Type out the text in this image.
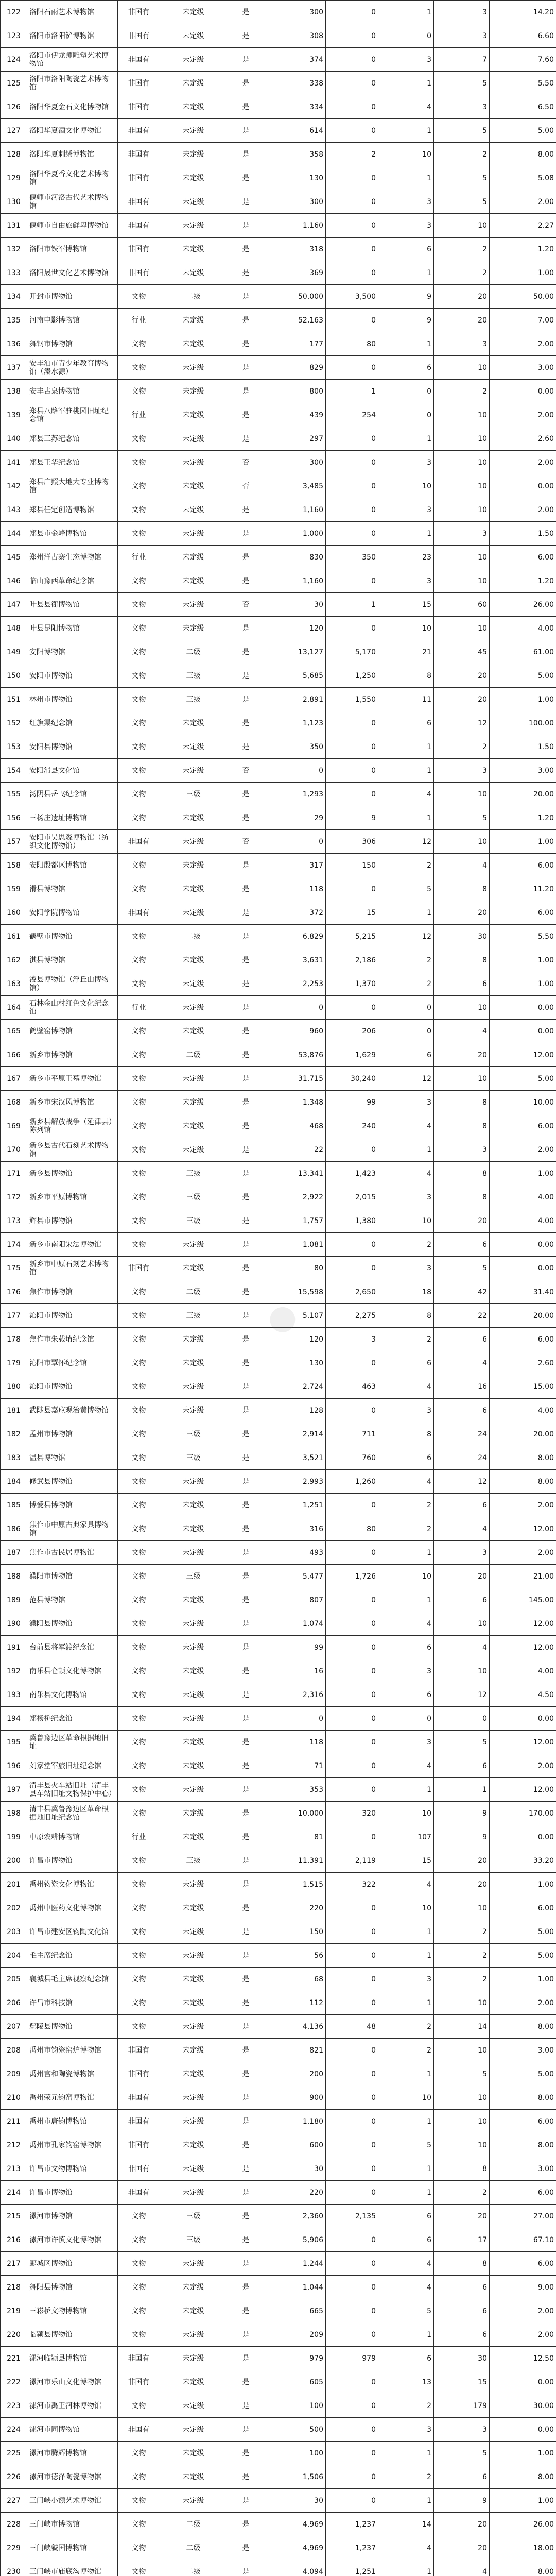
122	洛阳石雨艺术博物馆	非国有	未定级	是	300	0	1	3	14.20
123	洛阳市洛阳铲博物馆	非国有	未定级	是	308	0	0	3	6.60
124	洛阳市伊龙师雕塑艺术博物馆	非国有	未定级	是	374	0	3	7	7.60
125	洛阳市洛阳陶瓷艺术博物馆	非国有	未定级	是	338	0	1	5	5.50
126	洛阳华夏金石文化博物馆	非国有	未定级	是	334	0	4	3	6.50
127	洛阳华夏酒文化博物馆	非国有	未定级	是	614	0	1	5	5.00
128	洛阳华夏刺绣博物馆	非国有	未定级	是	358	2	10	2	8.00
129	洛阳华夏香文化艺术博物馆	非国有	未定级	是	130	0	1	5	5.08
130	偃师市河洛古代艺术博物馆	非国有	未定级	是	300	0	3	5	2.00
131	偃师市自由旅鲜卑博物馆	非国有	未定级	是	1,160	0	3	10	2.27
132	洛阳市铁军博物馆	非国有	未定级	是	318	0	6	2	1.20
133	洛阳晟世文化艺术博物馆	非国有	未定级	是	369	0	1	2	1.00
134	开封市博物馆	文物	二级	是	50,000	3,500	9	20	50.00
135	河南电影博物馆	行业	未定级	是	52,163	0	9	20	7.00
136	舞钢市博物馆	文物	未定级	是	177	80	1	3	2.00
137	安丰泊市青少年教育博物馆（溱水源）	文物	未定级	是	829	0	6	10	3.00
138	安丰古泉博物馆	文物	未定级	是	800	1	0	2	0.00
139	郑县八路军驻桃园旧址纪念馆	行业	未定级	是	439	254	0	10	2.00
140	郑县三苏纪念馆	文物	未定级	是	297	0	1	10	2.60
141	郑县王华纪念馆	文物	未定级	否	300	0	3	10	2.00
142	郑县广照大地大专业博物馆	文物	未定级	否	3,485	0	10	10	0.00
143	郑县任定创造博物馆	文物	未定级	是	1,160	0	3	10	2.00
144	郑县市金峰博物馆	文物	未定级	是	1,000	0	1	3	1.50
145	郑州洋古寨生态博物馆	行业	未定级	是	830	350	23	10	6.00
146	临山豫西革命纪念馆	文物	未定级	是	1,160	0	3	10	1.20
147	叶县县衙博物馆	文物	未定级	否	30	1	15	60	26.00
148	叶县昆阳博物馆	文物	未定级	是	120	0	10	10	4.00
149	安阳博物馆	文物	二级	是	13,127	5,170	21	45	61.00
150	安阳市博物馆	文物	三级	是	5,685	1,250	8	20	5.00
151	林州市博物馆	文物	三级	是	2,891	1,550	11	20	1.00
152	红旗渠纪念馆	文物	未定级	是	1,123	0	6	12	100.00
153	安阳县博物馆	文物	未定级	是	350	0	1	2	1.50
154	安阳滑县文化馆	文物	未定级	否	0	0	1	3	3.00
155	汤阴县岳飞纪念馆	文物	三级	是	1,293	0	4	10	20.00
156	三杨庄遗址博物馆	文物	未定级	是	29	9	1	5	1.20
157	安阳市吴思淼博物馆（纺织文化博物馆）	非国有	未定级	否	0	306	12	10	1.00
158	安阳殷都区博物馆	文物	未定级	是	317	150	2	4	6.00
159	滑县博物馆	文物	未定级	是	118	0	5	8	11.20
160	安阳学院博物馆	非国有	未定级	是	372	15	1	20	6.00
161	鹤壁市博物馆	文物	二级	是	6,829	5,215	12	30	5.50
162	淇县博物馆	文物	未定级	是	3,631	2,186	2	8	1.00
163	浚县博物馆（浮丘山博物馆）	文物	未定级	是	2,253	1,370	2	6	1.00
164	石林金山村红色文化纪念馆	行业	未定级	是	0	0	0	10	0.00
165	鹤壁窑博物馆	文物	未定级	是	960	206	0	4	0.00
166	新乡市博物馆	文物	二级	是	53,876	1,629	6	20	12.00
167	新乡市平原王墓博物馆	文物	未定级	是	31,715	30,240	12	10	5.00
168	新乡市宋汉风博物馆	文物	未定级	是	1,348	99	3	8	10.00
169	新乡县解放战争（延津县）陈列馆	文物	未定级	是	468	240	4	8	6.00
170	新乡县古代石刻艺术博物馆	文物	未定级	是	22	0	1	3	2.00
171	新乡县博物馆	文物	三级	是	13,341	1,423	4	8	1.00
172	新乡市平原博物馆	文物	三级	是	2,922	2,015	3	8	4.00
173	辉县市博物馆	文物	三级	是	1,757	1,380	10	20	4.00
174	新乡市南阳宋法博物馆	文物	未定级	是	1,081	0	2	6	0.00
175	新乡市中原石刻艺术博物馆	非国有	未定级	是	80	0	3	5	0.00
176	焦作市博物馆	文物	二级	是	15,598	2,650	18	42	31.40
177	沁阳市博物馆	文物	三级	是	5,107	2,275	8	22	20.00
178	焦作市朱载堉纪念馆	文物	未定级	是	120	3	2	6	6.00
179	沁阳市覃怀纪念馆	文物	未定级	是	130	0	6	4	2.60
180	沁阳市博物馆	文物	未定级	是	2,724	463	4	16	15.00
181	武陟县嘉应观治黄博物馆	文物	未定级	是	128	0	3	6	4.00
182	孟州市博物馆	文物	三级	是	2,914	711	8	24	20.00
183	温县博物馆	文物	三级	是	3,521	760	6	24	8.00
184	修武县博物馆	文物	未定级	是	2,993	1,260	4	12	8.00
185	博爱县博物馆	文物	未定级	是	1,251	0	2	6	2.00
186	焦作市中原古典家具博物馆	文物	未定级	是	316	80	2	4	12.00
187	焦作市古民居博物馆	文物	未定级	是	493	0	1	3	2.00
188	濮阳市博物馆	文物	三级	是	5,477	1,726	10	20	21.00
189	范县博物馆	文物	未定级	是	807	0	1	6	145.00
190	濮阳县博物馆	文物	未定级	是	1,074	0	4	10	12.00
191	台前县将军渡纪念馆	文物	未定级	是	99	0	6	4	12.00
192	南乐县仓颉文化博物馆	文物	未定级	是	16	0	3	10	4.00
193	南乐县文化博物馆	文物	未定级	是	2,316	0	6	12	4.50
194	郑杨桥纪念馆	文物	未定级	是	0	0	0	0	0.00
195	冀鲁豫边区革命根据地旧址	文物	未定级	是	118	0	3	5	12.00
196	刘家堂军旅旧址纪念馆	文物	未定级	是	71	0	4	6	2.00
197	清丰县火车站旧址（清丰县车站旧址文物保护中心）	文物	未定级	是	353	0	1	1	12.00
198	清丰县冀鲁豫边区革命根据地旧址纪念馆	文物	未定级	是	10,000	320	10	9	170.00
199	中原农耕博物馆	行业	未定级	是	81	0	107	9	0.00
200	许昌市博物馆	文物	三级	是	11,391	2,119	15	20	33.20
201	禹州钧瓷文化博物馆	文物	未定级	是	1,515	322	4	20	1.00
202	禹州中医药文化博物馆	文物	未定级	是	220	0	10	10	6.00
203	许昌市建安区钧陶文化馆	文物	未定级	是	150	0	1	2	5.00
204	毛主席纪念馆	文物	未定级	是	56	0	1	2	5.00
205	襄城县毛主席视察纪念馆	文物	未定级	是	68	0	3	2	1.00
206	许昌市科技馆	文物	未定级	是	112	0	1	10	2.00
207	鄢陵县博物馆	文物	未定级	是	4,136	48	2	14	8.00
208	禹州市钧瓷窑炉博物馆	非国有	未定级	是	821	0	2	10	3.00
209	禹州宫和陶瓷博物馆	非国有	未定级	是	200	0	1	5	5.00
210	禹州荣元钧窑博物馆	非国有	未定级	是	900	0	10	10	8.00
211	禹州市唐钧博物馆	非国有	未定级	是	1,180	0	1	10	6.00
212	禹州市孔家钧窑博物馆	非国有	未定级	是	600	0	5	10	8.00
213	许昌市文物博物馆	非国有	未定级	是	30	0	1	8	3.00
214	许昌市博物馆	非国有	未定级	是	220	0	1	2	6.00
215	漯河市博物馆	文物	三级	是	2,360	2,135	6	20	27.00
216	漯河市许慎文化博物馆	文物	三级	是	5,906	0	6	17	67.10
217	郾城区博物馆	文物	未定级	是	1,244	0	4	8	6.00
218	舞阳县博物馆	文物	未定级	是	1,044	0	4	6	9.00
219	三崧桥文物博物馆	文物	未定级	是	665	0	5	6	2.00
220	临颍县博物馆	文物	未定级	是	209	0	1	6	2.00
221	漯河临颍县博物馆	非国有	未定级	是	979	979	6	30	12.50
222	漯河市乐山文化博物馆	非国有	未定级	是	605	0	13	15	0.00
223	漯河市禹王河林博物馆	文物	未定级	是	100	0	2	179	30.00
224	漯河市同博物馆	非国有	未定级	是	500	0	3	3	0.00
225	漯河市腾辉博物馆	文物	未定级	是	100	0	1	5	1.00
226	漯河市德泽陶瓷博物馆	文物	未定级	是	1,506	0	2	6	8.00
227	三门峡小额艺术博物馆	文物	未定级	是	30	0	1	9	1.00
228	三门峡市博物馆	文物	二级	是	4,969	1,237	14	20	26.00
229	三门峡虢国博物馆	文物	二级	是	4,969	1,237	4	20	18.00
230	三门峡市庙底沟博物馆	文物	二级	是	4,094	1,251	1	4	8.00

●
